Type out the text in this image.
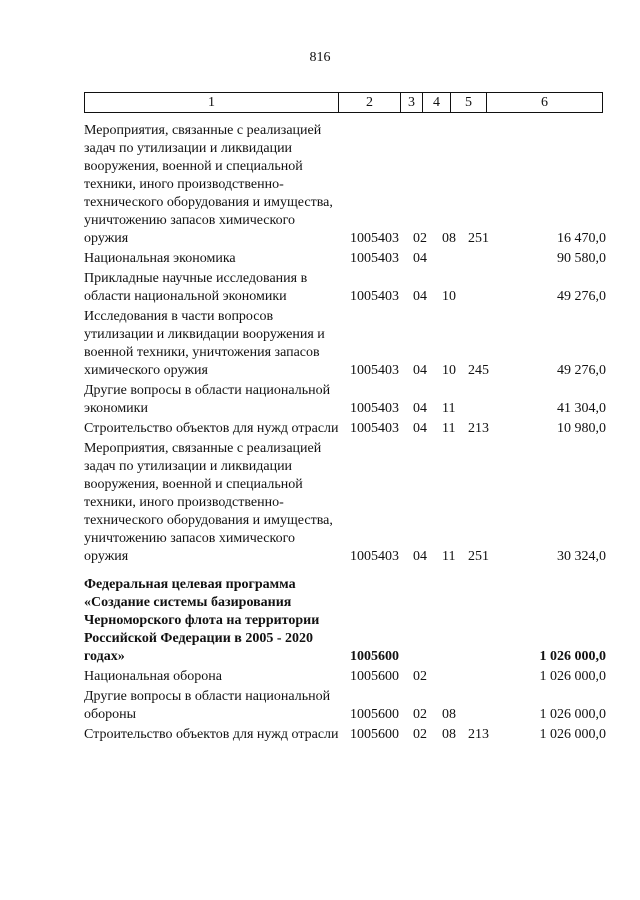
816
1	2	3	4	5	6
Мероприятия, связанные с реализацией задач по утилизации и ликвидации вооружения, военной и специальной техники, иного производственно-технического оборудования и имущества, уничтожению запасов химического оружия	1005403 02 08 251	16 470,0
Национальная экономика	1005403 04	90 580,0
Прикладные научные исследования в области национальной экономики	1005403 04 10	49 276,0
Исследования в части вопросов утилизации и ликвидации вооружения и военной техники, уничтожения запасов химического оружия	1005403 04 10 245	49 276,0
Другие вопросы в области национальной экономики	1005403 04 11	41 304,0
Строительство объектов для нужд отрасли 1005403 04 11 213	10 980,0
Мероприятия, связанные с реализацией задач по утилизации и ликвидации вооружения, военной и специальной техники, иного производственно-технического оборудования и имущества, уничтожению запасов химического оружия	1005403 04 11 251	30 324,0
Федеральная целевая программа «Создание системы базирования Черноморского флота на территории Российской Федерации в 2005 - 2020 годах»	1005600	1 026 000,0
Национальная оборона	1005600 02	1 026 000,0
Другие вопросы в области национальной обороны	1005600 02 08	1 026 000,0
Строительство объектов для нужд отрасли 1005600 02 08 213	1 026 000,0
